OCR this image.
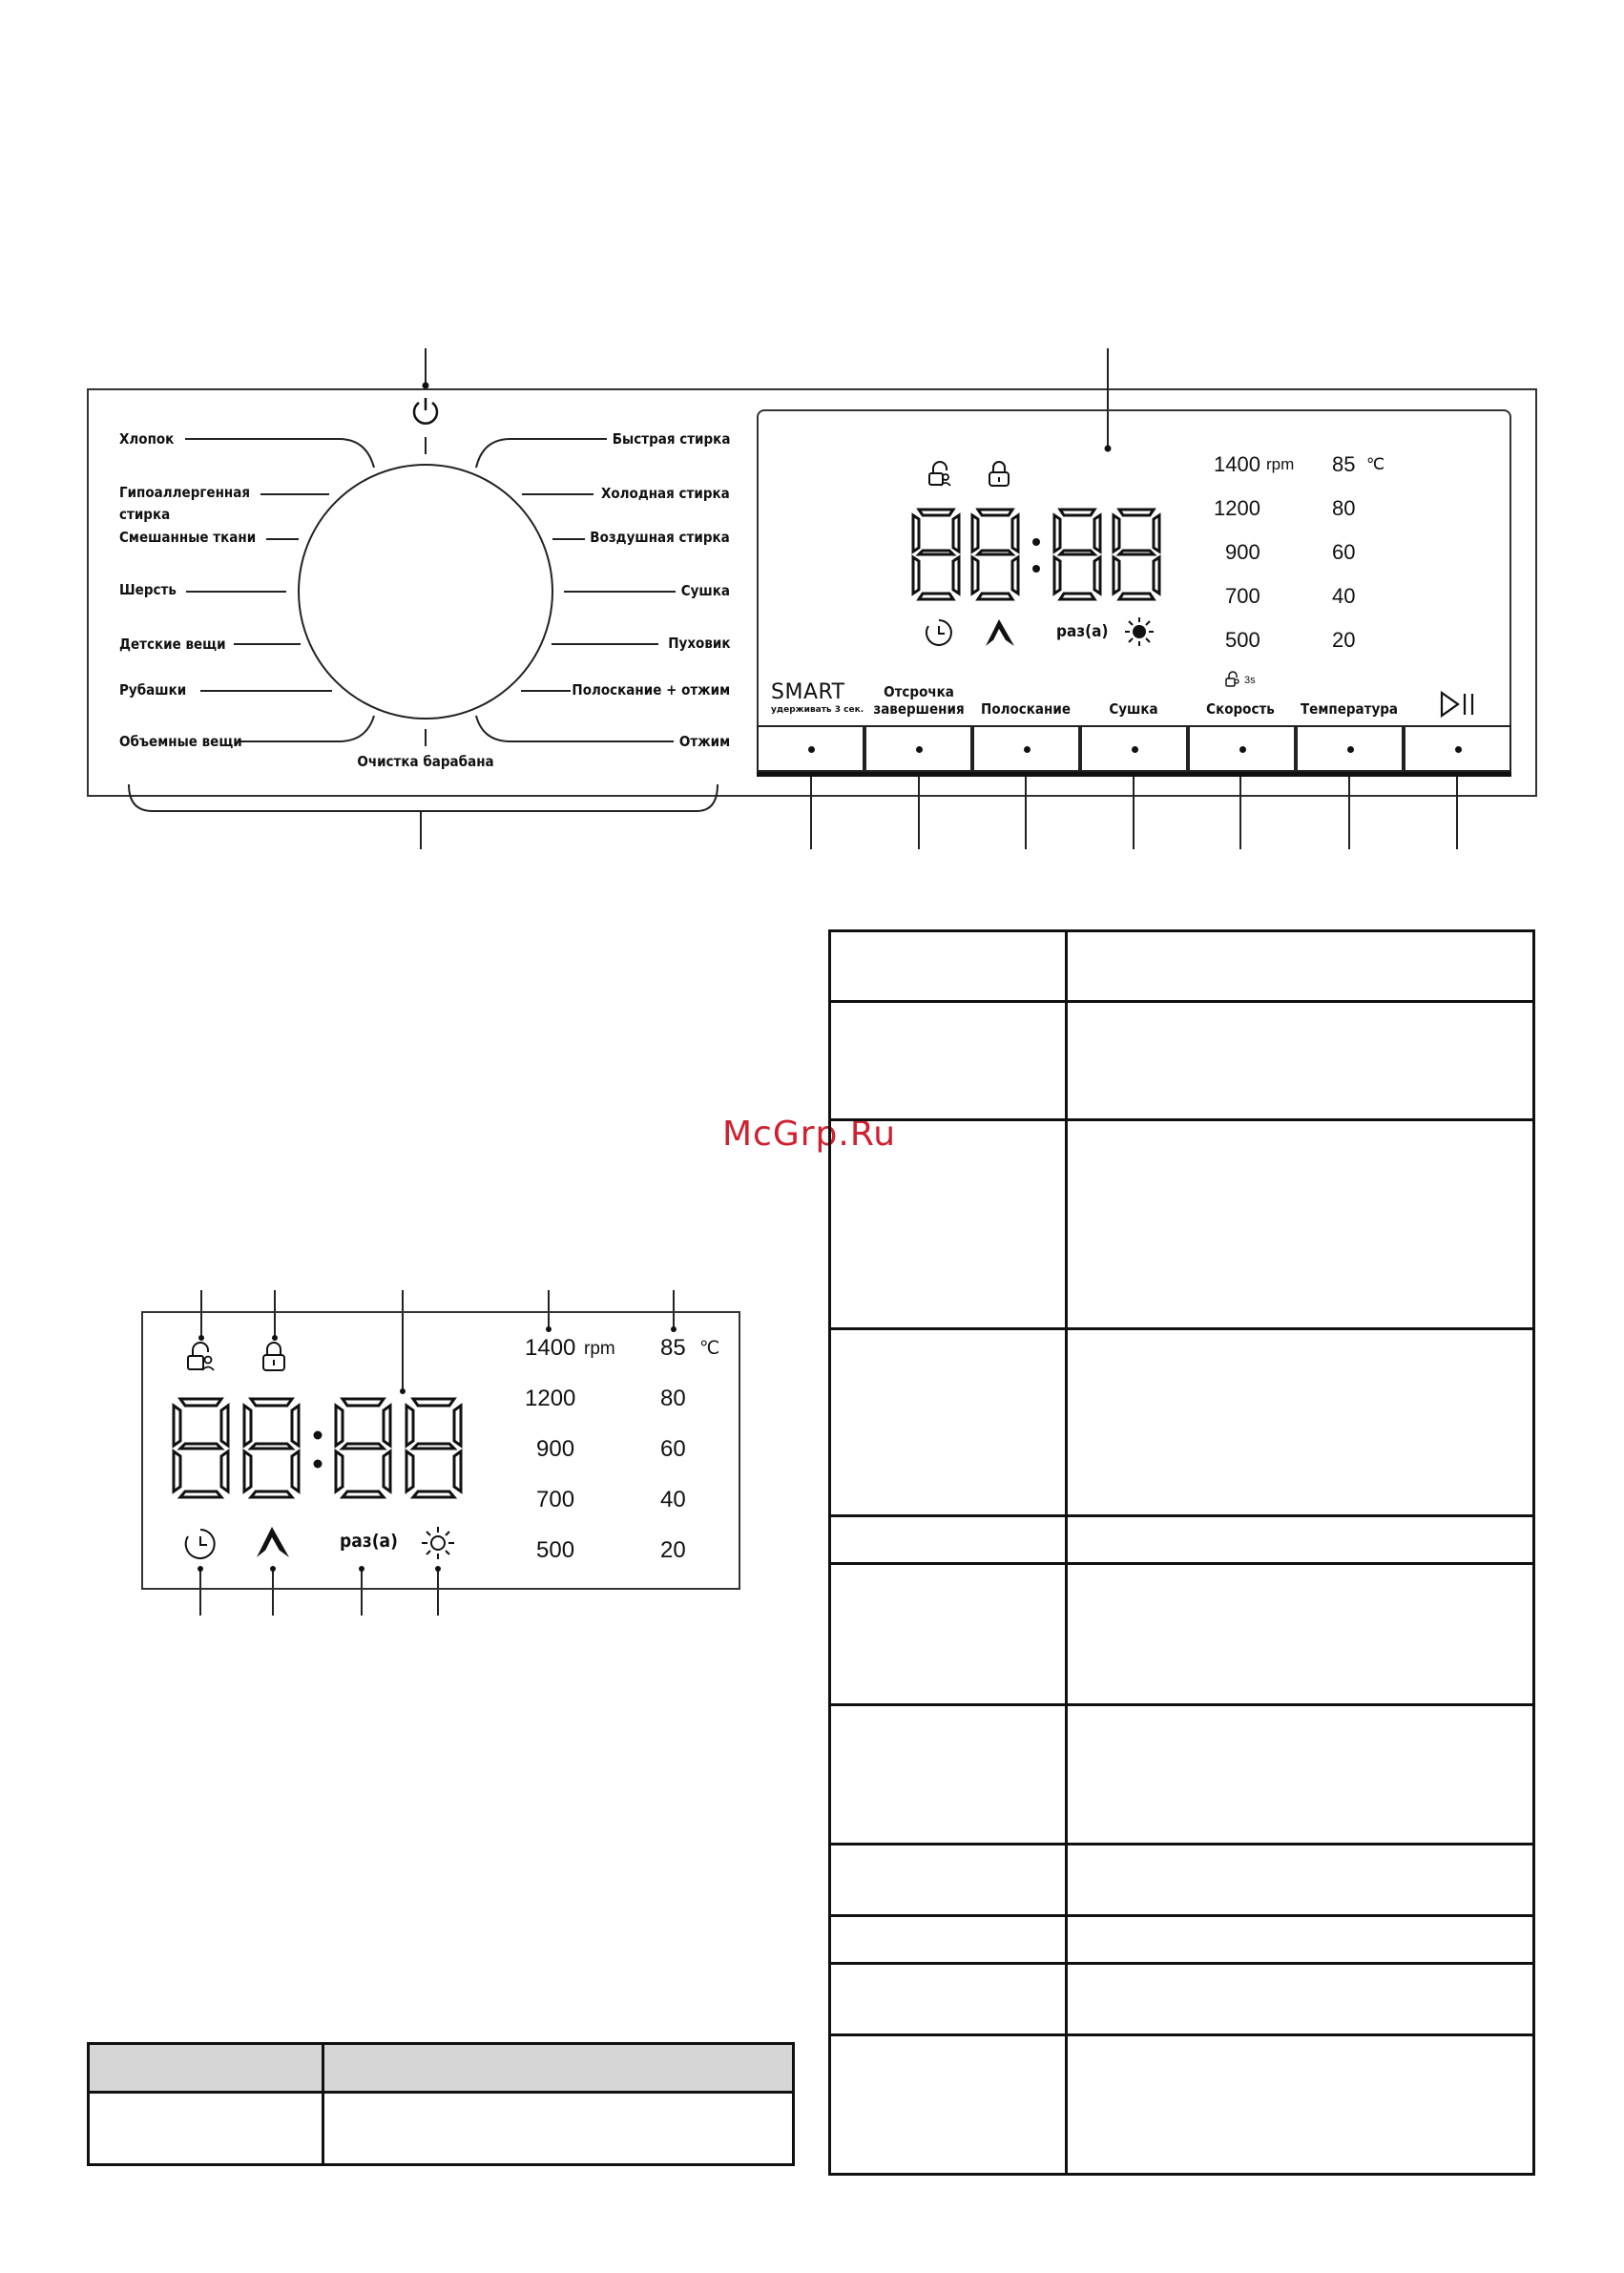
Хлопок
Гипоаллергенная
стирка
Смешанные ткани
Шерсть
Детские вещи
Рубашки
Объемные вещи
Быстрая стирка
Холодная стирка
Воздушная стирка
Сушка
Пуховик
Полоскание + отжим
Отжим
Очистка барабана
раз(а)
1400 rpm
1200
900
700
500
85 ℃
80
60
40
20
3s
SMART
удерживать 3 сек.
Отсрочка
завершения	Полоскание	Сушка	Скорость	Температура
McGrp.Ru
раз(а)
1400 rpm
1200
900
700
500
85 ℃
80
60
40
20
